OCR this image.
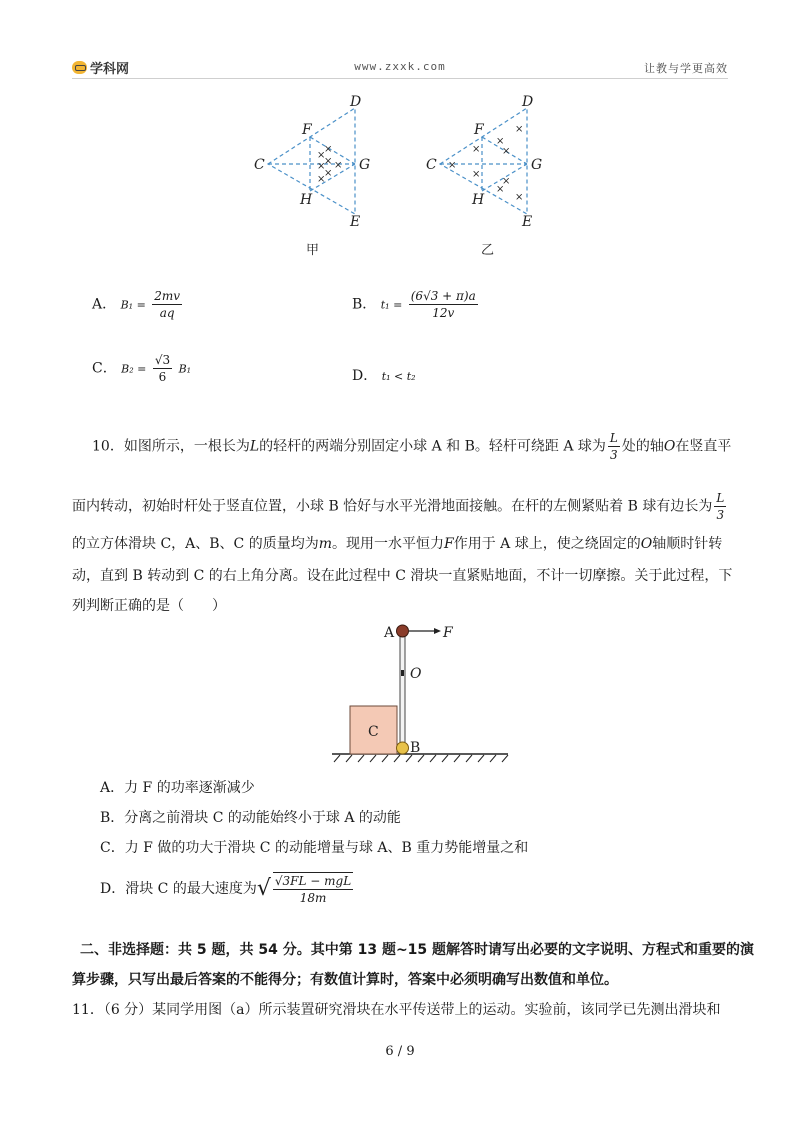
学科网	www.zxxk.com	让教与学更高效
×
×
×
× ×
×
×
×
×
×
×
×
×
×
×
×
C
D
E
F
G
H
C
D
E
F
G
H
甲	乙
A． $B_1 = \frac{2mv}{aq}$	B． $t_1 = \frac{(6√3 + \pi)a}{12v}$
C． $B_2 = \frac{√3}{6} B_1$	D． t₁ < t₂
10．如图所示，一根长为L的轻杆的两端分别固定小球 A 和 B。轻杆可绕距 A 球为 $\frac{L}{3}$ 处的轴O在竖直平
面内转动，初始时杆处于竖直位置，小球 B 恰好与水平光滑地面接触。在杆的左侧紧贴着 B 球有边长为 $\frac{L}{3}$
的立方体滑块 C，A、B、C 的质量均为m。现用一水平恒力F作用于 A 球上，使之绕固定的O轴顺时针转
动，直到 B 转动到 C 的右上角分离。设在此过程中 C 滑块一直紧贴地面，不计一切摩擦。关于此过程，下
列判断正确的是（　　）
C
A	F
O
B
A．力 F 的功率逐渐减少
B．分离之前滑块 C 的动能始终小于球 A 的动能
C．力 F 做的功大于滑块 C 的动能增量与球 A、B 重力势能增量之和
D．滑块 C 的最大速度为√ $\frac{\text{√3FL − mgL}}{18m}$
二、非选择题：共 5 题，共 54 分。其中第 13 题~15 题解答时请写出必要的文字说明、方程式和重要的演
算步骤，只写出最后答案的不能得分；有数值计算时，答案中必须明确写出数值和单位。
11．（6 分）某同学用图（a）所示装置研究滑块在水平传送带上的运动。实验前，该同学已先测出滑块和
6 / 9
